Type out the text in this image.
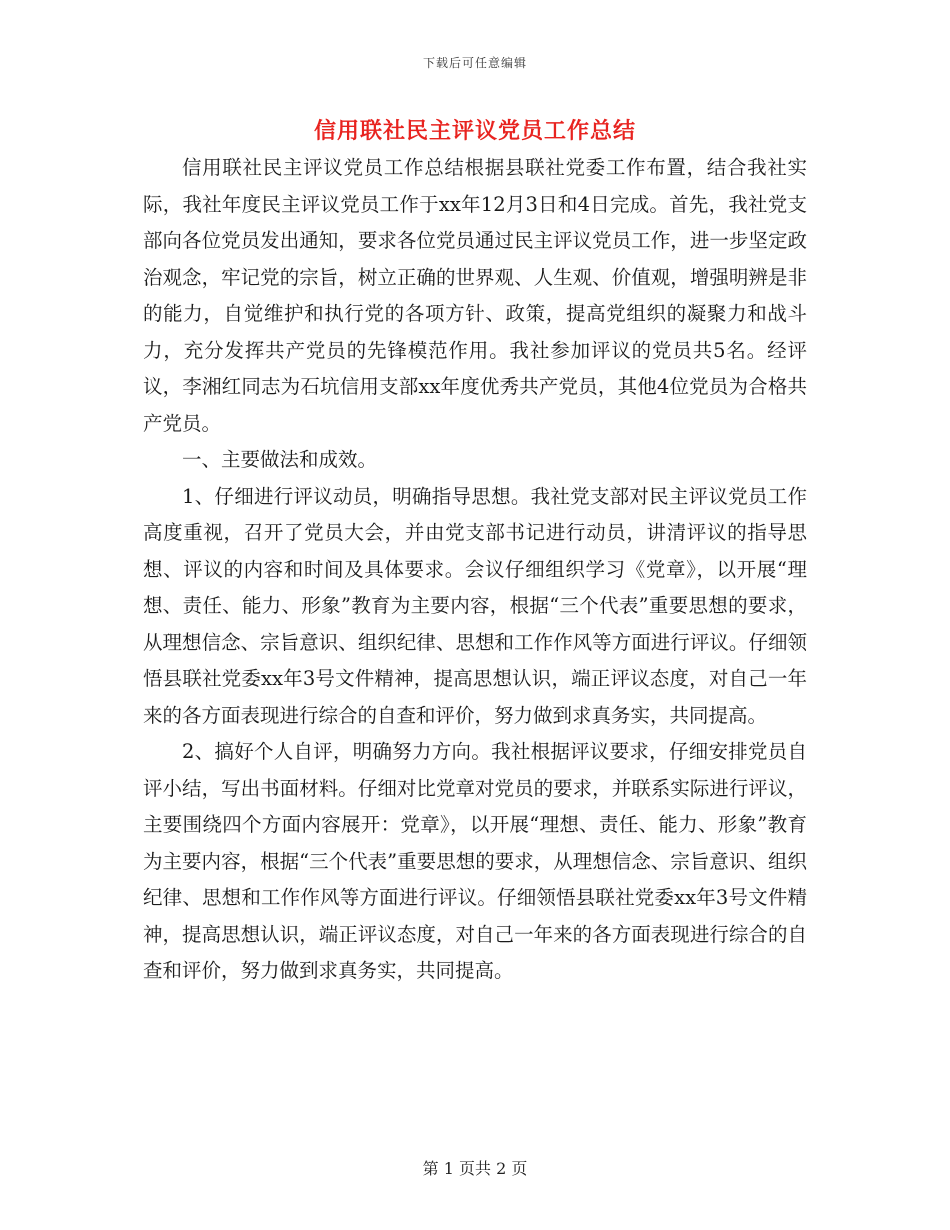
下载后可任意编辑
信用联社民主评议党员工作总结

信用联社民主评议党员工作总结根据县联社党委工作布置，结合我社实际，我社年度民主评议党员工作于xx年12月3日和4日完成。首先，我社党支部向各位党员发出通知，要求各位党员通过民主评议党员工作，进一步坚定政治观念，牢记党的宗旨，树立正确的世界观、人生观、价值观，增强明辨是非的能力，自觉维护和执行党的各项方针、政策，提高党组织的凝聚力和战斗力，充分发挥共产党员的先锋模范作用。我社参加评议的党员共5名。经评议，李湘红同志为石坑信用支部xx年度优秀共产党员，其他4位党员为合格共产党员。

一、主要做法和成效。

1、仔细进行评议动员，明确指导思想。我社党支部对民主评议党员工作高度重视，召开了党员大会，并由党支部书记进行动员，讲清评议的指导思想、评议的内容和时间及具体要求。会议仔细组织学习《党章》，以开展“理想、责任、能力、形象”教育为主要内容，根据“三个代表”重要思想的要求，从理想信念、宗旨意识、组织纪律、思想和工作作风等方面进行评议。仔细领悟县联社党委xx年3号文件精神，提高思想认识，端正评议态度，对自己一年来的各方面表现进行综合的自查和评价，努力做到求真务实，共同提高。

2、搞好个人自评，明确努力方向。我社根据评议要求，仔细安排党员自评小结，写出书面材料。仔细对比党章对党员的要求，并联系实际进行评议，主要围绕四个方面内容展开：党章》，以开展“理想、责任、能力、形象”教育为主要内容，根据“三个代表”重要思想的要求，从理想信念、宗旨意识、组织纪律、思想和工作作风等方面进行评议。仔细领悟县联社党委xx年3号文件精神，提高思想认识，端正评议态度，对自己一年来的各方面表现进行综合的自查和评价，努力做到求真务实，共同提高。

第 1 页共 2 页
